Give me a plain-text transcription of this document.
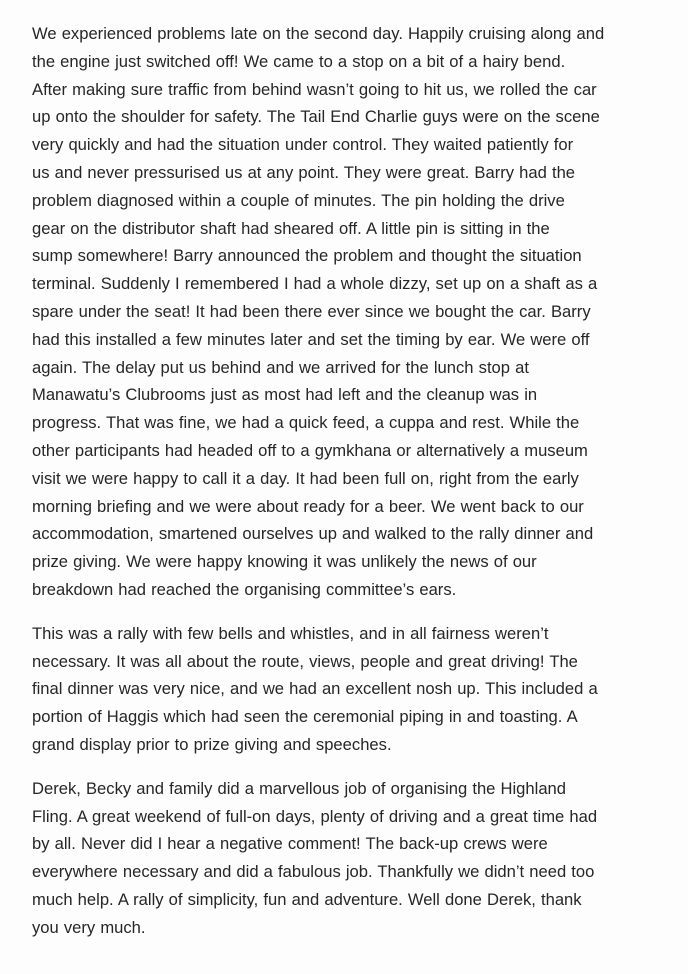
We experienced problems late on the second day. Happily cruising along and
the engine just switched off! We came to a stop on a bit of a hairy bend.
After making sure traffic from behind wasn’t going to hit us, we rolled the car
up onto the shoulder for safety. The Tail End Charlie guys were on the scene
very quickly and had the situation under control. They waited patiently for
us and never pressurised us at any point. They were great. Barry had the
problem diagnosed within a couple of minutes. The pin holding the drive
gear on the distributor shaft had sheared off. A little pin is sitting in the
sump somewhere! Barry announced the problem and thought the situation
terminal. Suddenly I remembered I had a whole dizzy, set up on a shaft as a
spare under the seat! It had been there ever since we bought the car. Barry
had this installed a few minutes later and set the timing by ear. We were off
again. The delay put us behind and we arrived for the lunch stop at
Manawatu’s Clubrooms just as most had left and the cleanup was in
progress. That was fine, we had a quick feed, a cuppa and rest. While the
other participants had headed off to a gymkhana or alternatively a museum
visit we were happy to call it a day. It had been full on, right from the early
morning briefing and we were about ready for a beer. We went back to our
accommodation, smartened ourselves up and walked to the rally dinner and
prize giving. We were happy knowing it was unlikely the news of our
breakdown had reached the organising committee’s ears.

This was a rally with few bells and whistles, and in all fairness weren’t
necessary. It was all about the route, views, people and great driving! The
final dinner was very nice, and we had an excellent nosh up. This included a
portion of Haggis which had seen the ceremonial piping in and toasting. A
grand display prior to prize giving and speeches.

Derek, Becky and family did a marvellous job of organising the Highland
Fling. A great weekend of full-on days, plenty of driving and a great time had
by all. Never did I hear a negative comment! The back-up crews were
everywhere necessary and did a fabulous job. Thankfully we didn’t need too
much help. A rally of simplicity, fun and adventure. Well done Derek, thank
you very much.
